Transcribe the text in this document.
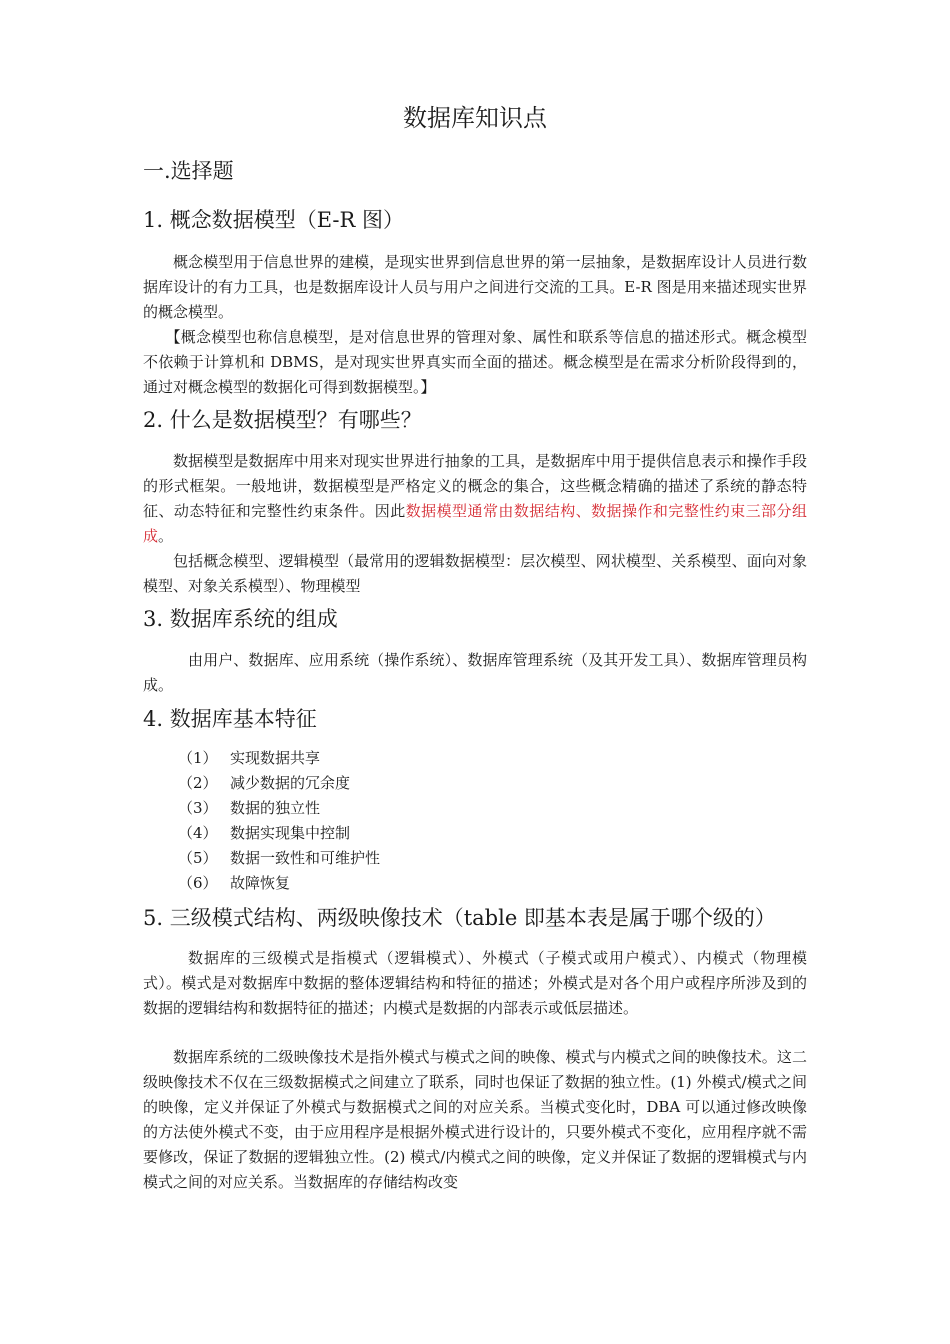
数据库知识点
一.选择题
1. 概念数据模型（E-R 图）

概念模型用于信息世界的建模，是现实世界到信息世界的第一层抽象，是数据库设计人员进行数据库设计的有力工具，也是数据库设计人员与用户之间进行交流的工具。E-R 图是用来描述现实世界的概念模型。

【概念模型也称信息模型，是对信息世界的管理对象、属性和联系等信息的描述形式。概念模型不依赖于计算机和 DBMS，是对现实世界真实而全面的描述。概念模型是在需求分析阶段得到的，通过对概念模型的数据化可得到数据模型。】

2. 什么是数据模型？有哪些？

数据模型是数据库中用来对现实世界进行抽象的工具，是数据库中用于提供信息表示和操作手段的形式框架。一般地讲，数据模型是严格定义的概念的集合，这些概念精确的描述了系统的静态特征、动态特征和完整性约束条件。因此数据模型通常由数据结构、数据操作和完整性约束三部分组成。

包括概念模型、逻辑模型（最常用的逻辑数据模型：层次模型、网状模型、关系模型、面向对象模型、对象关系模型）、物理模型

3. 数据库系统的组成

由用户、数据库、应用系统（操作系统）、数据库管理系统（及其开发工具）、数据库管理员构成。

4. 数据库基本特征
（1） 实现数据共享
（2） 减少数据的冗余度
（3） 数据的独立性
（4） 数据实现集中控制
（5） 数据一致性和可维护性
（6） 故障恢复
5. 三级模式结构、两级映像技术（table 即基本表是属于哪个级的）

数据库的三级模式是指模式（逻辑模式）、外模式（子模式或用户模式）、内模式（物理模式）。模式是对数据库中数据的整体逻辑结构和特征的描述；外模式是对各个用户或程序所涉及到的数据的逻辑结构和数据特征的描述；内模式是数据的内部表示或低层描述。

数据库系统的二级映像技术是指外模式与模式之间的映像、模式与内模式之间的映像技术。这二级映像技术不仅在三级数据模式之间建立了联系，同时也保证了数据的独立性。(1) 外模式/模式之间的映像，定义并保证了外模式与数据模式之间的对应关系。当模式变化时，DBA 可以通过修改映像的方法使外模式不变，由于应用程序是根据外模式进行设计的，只要外模式不变化，应用程序就不需要修改，保证了数据的逻辑独立性。(2) 模式/内模式之间的映像，定义并保证了数据的逻辑模式与内模式之间的对应关系。当数据库的存储结构改变
